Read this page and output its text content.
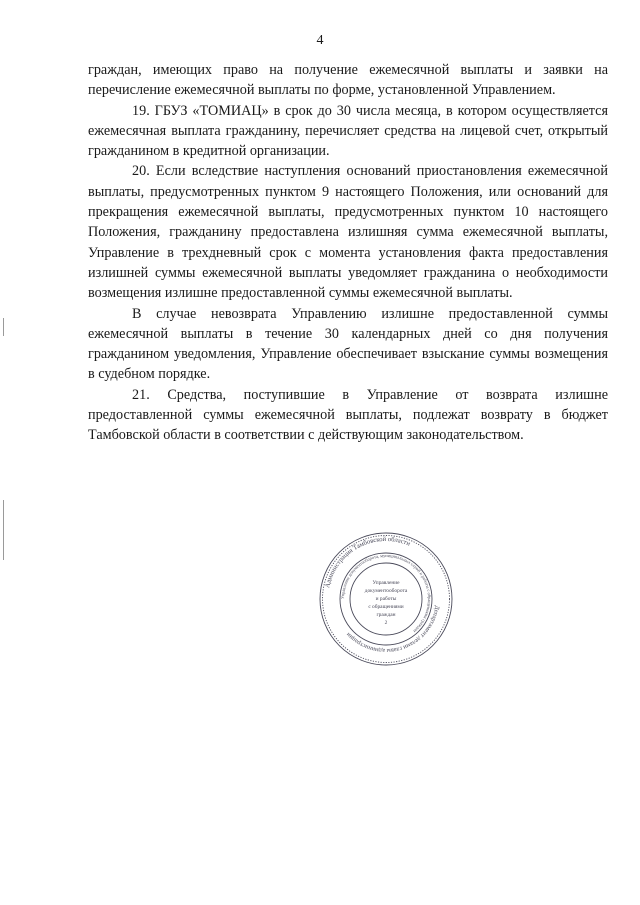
4

граждан, имеющих право на получение ежемесячной выплаты и заявки на перечисление ежемесячной выплаты по форме, установленной Управлением.

19. ГБУЗ «ТОМИАЦ» в срок до 30 числа месяца, в котором осуществляется ежемесячная выплата гражданину, перечисляет средства на лицевой счет, открытый гражданином в кредитной организации.

20. Если вследствие наступления оснований приостановления ежемесячной выплаты, предусмотренных пунктом 9 настоящего Положения, или оснований для прекращения ежемесячной выплаты, предусмотренных пунктом 10 настоящего Положения, гражданину предоставлена излишняя сумма ежемесячной выплаты, Управление в трехдневный срок с момента установления факта предоставления излишней суммы ежемесячной выплаты уведомляет гражданина о необходимости возмещения излишне предоставленной суммы ежемесячной выплаты.

В случае невозврата Управлению излишне предоставленной суммы ежемесячной выплаты в течение 30 календарных дней со дня получения гражданином уведомления, Управление обеспечивает взыскание суммы возмещения в судебном порядке.

21. Средства, поступившие в Управление от возврата излишне предоставленной суммы ежемесячной выплаты, подлежат возврату в бюджет Тамбовской области в соответствии с действующим законодательством.

Администрация Тамбовской области
Департамент делами главы администрации
Управление документооборота, муниципальных служб и работы с обращениями граждан
Управление
документооборота
и работы
с обращениями
граждан
2
